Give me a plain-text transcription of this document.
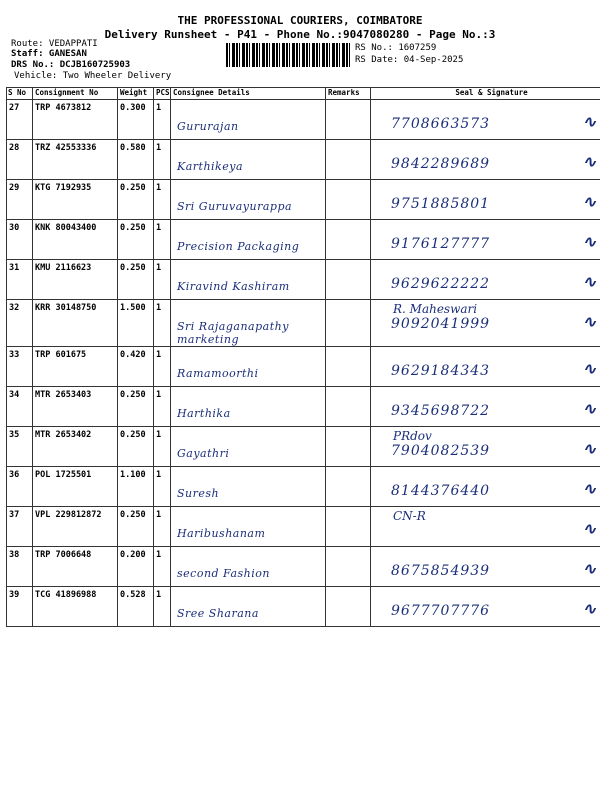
THE PROFESSIONAL COURIERS, COIMBATORE
Delivery Runsheet - P41 - Phone No.:9047080280 - Page No.:3
Route: VEDAPPATI
Staff: GANESAN
DRS No.: DCJB160725903
Vehicle: Two Wheeler Delivery
RS No.: 1607259
RS Date: 04-Sep-2025
S No	Consignment No	Weight	PCS	Consignee Details	Remarks	Seal & Signature
27	TRP 4673812	0.300	1	Gururajan		7708663573 ∿

28	TRZ 42553336	0.580	1	Karthikeya		9842289689 ∿

29	KTG 7192935	0.250	1	Sri Guruvayurappa		9751885801 ∿

30	KNK 80043400	0.250	1	Precision Packaging		9176127777 ∿

31	KMU 2116623	0.250	1	Kiravind Kashiram		9629622222 ∿

32	KRR 30148750	1.500	1	Sri Rajaganapathy marketing		R. Maheswari
9092041999 ∿

33	TRP 601675	0.420	1	Ramamoorthi		9629184343 ∿

34	MTR 2653403	0.250	1	Harthika		9345698722 ∿

35	MTR 2653402	0.250	1	Gayathri		PRdov
7904082539 ∿

36	POL 1725501	1.100	1	Suresh		8144376440 ∿

37	VPL 229812872	0.250	1	Haribushanam		CN-R
∿

38	TRP 7006648	0.200	1	second Fashion		8675854939 ∿

39	TCG 41896988	0.528	1	Sree Sharana		9677707776 ∿
